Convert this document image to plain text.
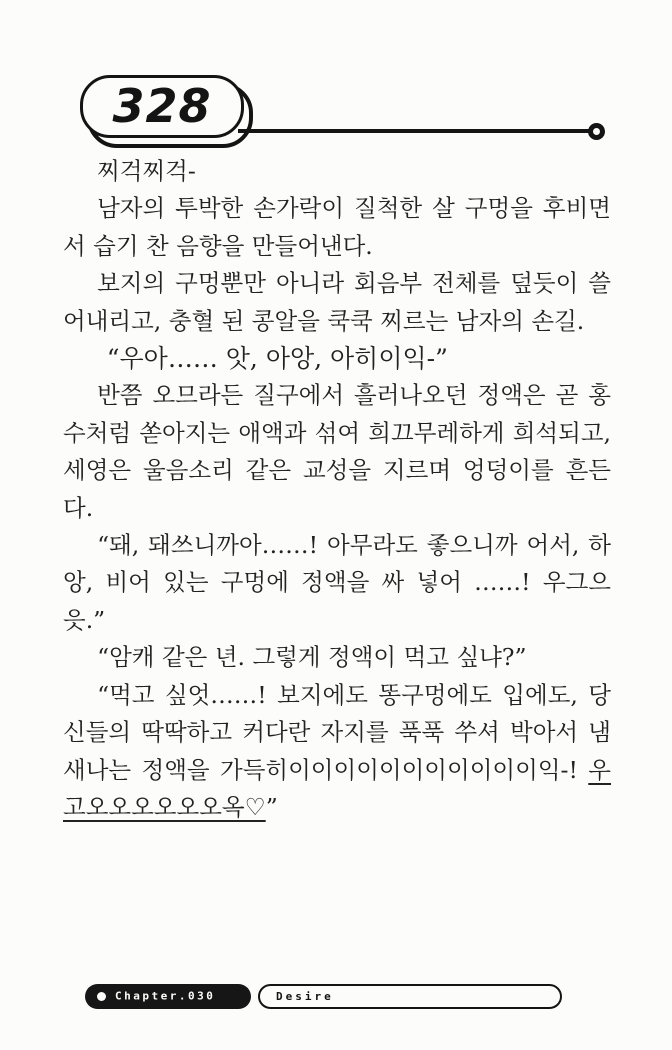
328

찌걱찌걱-

남자의 투박한 손가락이 질척한 살 구멍을 후비면서 습기 찬 음향을 만들어낸다.

보지의 구멍뿐만 아니라 회음부 전체를 덮듯이 쓸어내리고, 충혈 된 콩알을 쿡쿡 찌르는 남자의 손길.

“우아…… 앗, 아앙, 아히이익-”

반쯤 오므라든 질구에서 흘러나오던 정액은 곧 홍수처럼 쏟아지는 애액과 섞여 희끄무레하게 희석되고, 세영은 울음소리 같은 교성을 지르며 엉덩이를 흔든다.

“돼, 돼쓰니까아……! 아무라도 좋으니까 어서, 하앙, 비어 있는 구멍에 정액을 싸 넣어 ……! 우그으읏.”

“암캐 같은 년. 그렇게 정액이 먹고 싶냐?”

“먹고 싶엇……! 보지에도 똥구멍에도 입에도, 당신들의 딱딱하고 커다란 자지를 푹푹 쑤셔 박아서 냄새나는 정액을 가득히이이이이이이이이이이이익-! 우고오오오오오오옥♡”

Chapter.030	Desire
